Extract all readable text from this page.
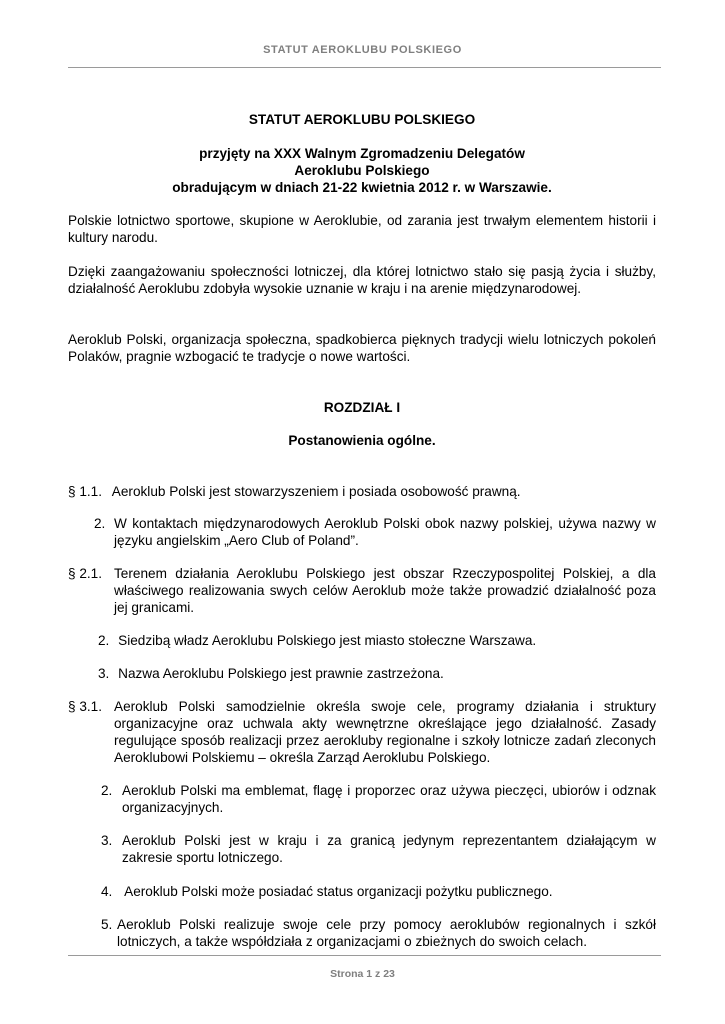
STATUT AEROKLUBU POLSKIEGO
STATUT AEROKLUBU POLSKIEGO
przyjęty na XXX Walnym Zgromadzeniu Delegatów
Aeroklubu Polskiego
obradującym w dniach 21-22 kwietnia 2012 r. w Warszawie.
Polskie lotnictwo sportowe, skupione w Aeroklubie, od zarania jest trwałym elementem historii i kultury narodu.
Dzięki zaangażowaniu społeczności lotniczej, dla której lotnictwo stało się pasją życia i służby, działalność Aeroklubu zdobyła wysokie uznanie w kraju i na arenie międzynarodowej.
Aeroklub Polski, organizacja społeczna, spadkobierca pięknych tradycji wielu lotniczych pokoleń Polaków, pragnie wzbogacić te tradycje o nowe wartości.
ROZDZIAŁ I
Postanowienia ogólne.
§ 1.1. Aeroklub Polski jest stowarzyszeniem i posiada osobowość prawną.
2. W kontaktach międzynarodowych Aeroklub Polski obok nazwy polskiej, używa nazwy w języku angielskim „Aero Club of Poland”.
§ 2.1. Terenem działania Aeroklubu Polskiego jest obszar Rzeczypospolitej Polskiej, a dla właściwego realizowania swych celów Aeroklub może także prowadzić działalność poza jej granicami.
2. Siedzibą władz Aeroklubu Polskiego jest miasto stołeczne Warszawa.
3. Nazwa Aeroklubu Polskiego jest prawnie zastrzeżona.
§ 3.1. Aeroklub Polski samodzielnie określa swoje cele, programy działania i struktury organizacyjne oraz uchwala akty wewnętrzne określające jego działalność. Zasady regulujące sposób realizacji przez aerokluby regionalne i szkoły lotnicze zadań zleconych Aeroklubowi Polskiemu – określa Zarząd Aeroklubu Polskiego.
2. Aeroklub Polski ma emblemat, flagę i proporzec oraz używa pieczęci, ubiorów i odznak organizacyjnych.
3. Aeroklub Polski jest w kraju i za granicą jedynym reprezentantem działającym w zakresie sportu lotniczego.
4. Aeroklub Polski może posiadać status organizacji pożytku publicznego.
5. Aeroklub Polski realizuje swoje cele przy pomocy aeroklubów regionalnych i szkół lotniczych, a także współdziała z organizacjami o zbieżnych do swoich celach.
Strona 1 z 23
